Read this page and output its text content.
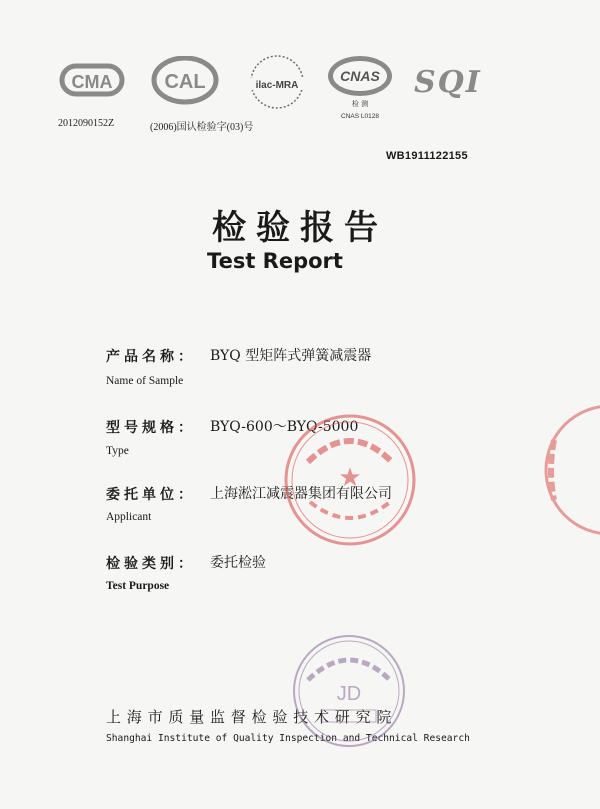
CMA	CAL	ilac-MRA
CNAS
检 测
CNAS L0128
SQI
2012090152Z	(2006)国认检验字(03)号
WB1911122155
检验报告
Test Report
产品名称： BYQ 型矩阵式弹簧减震器
Name of Sample
型号规格： BYQ-600～BYQ-5000
Type
委托单位： 上海淞江减震器集团有限公司
Applicant
检验类别： 委托检验
Test Purpose
上海市质量监督检验技术研究院
Shanghai Institute of Quality Inspection and Technical Research
★
JD
